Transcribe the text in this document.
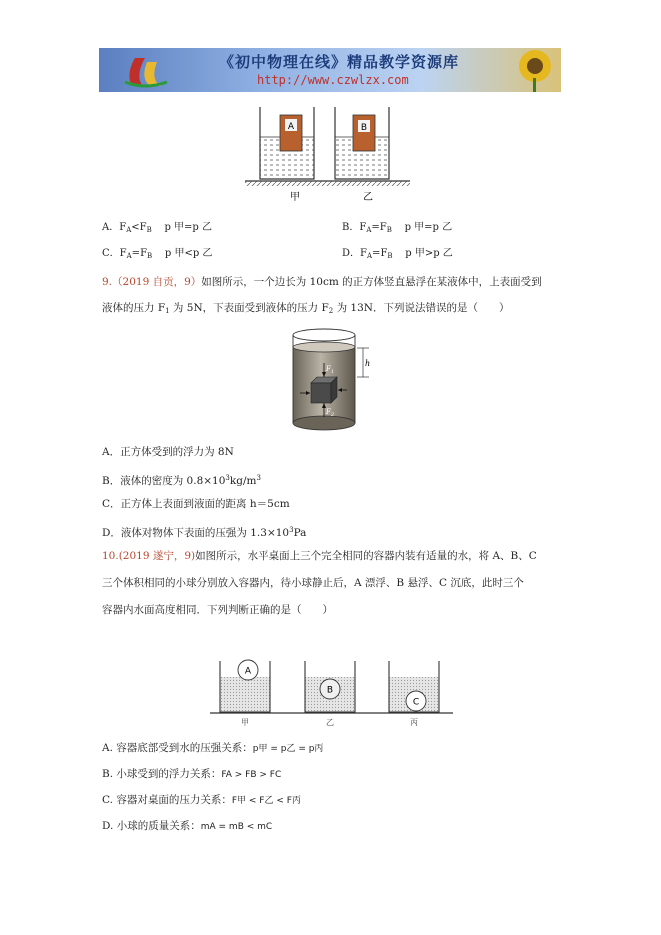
《初中物理在线》精品教学资源库
http://www.czwlzx.com
A	B
甲	乙
A．$F_A<F_B$ p 甲=p 乙	B．$F_A=F_B$ p 甲=p 乙
C．$F_A=F_B$ p 甲<p 乙	D．$F_A=F_B$ p 甲>p 乙
9.（2019 自贡，9）如图所示，一个边长为 10cm 的正方体竖直悬浮在某液体中，上表面受到
液体的压力 $F_1$ 为 5N，下表面受到液体的压力 $F_2$ 为 13N．下列说法错误的是（　　）
h
$F_1$
$F_2$
A．正方体受到的浮力为 8N
B．液体的密度为 $0.8\times 10^3kg/m^3$
C．正方体上表面到液面的距离 h＝5cm
D．液体对物体下表面的压强为 $1.3\times 10^3Pa$
10.(2019 遂宁，9)如图所示，水平桌面上三个完全相同的容器内装有适量的水，将 A、B、C
三个体积相同的小球分别放入容器内，待小球静止后，A 漂浮、B 悬浮、C 沉底，此时三个
容器内水面高度相同．下列判断正确的是（　　）
A
B
C
甲	乙	丙
A. 容器底部受到水的压强关系：p甲 = p乙 = p丙
B. 小球受到的浮力关系：FA > FB > FC
C. 容器对桌面的压力关系：F甲 < F乙 < F丙
D. 小球的质量关系：mA = mB < mC
